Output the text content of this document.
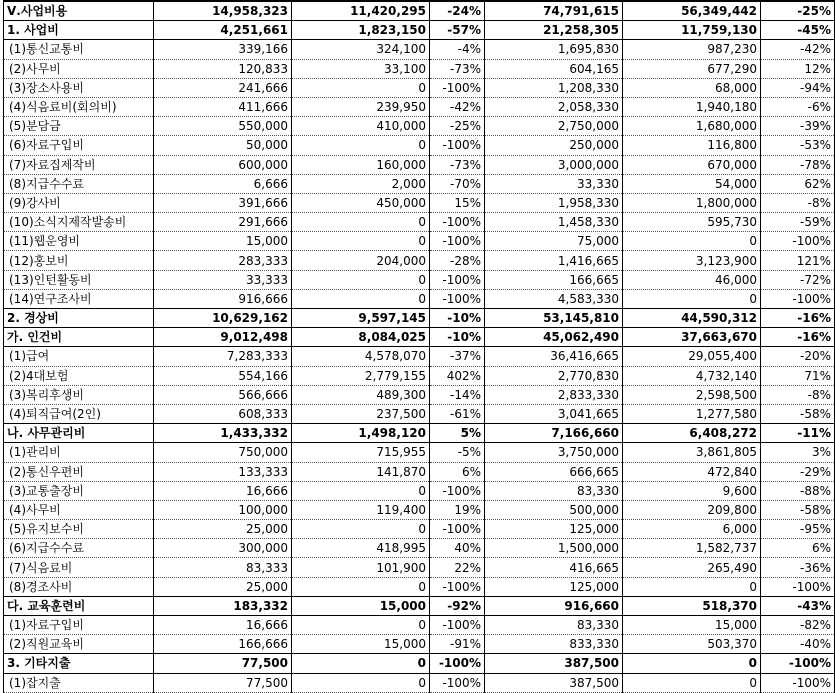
Ⅴ.사업비용	14,958,323	11,420,295	-24%	74,791,615	56,349,442	-25%
1. 사업비	4,251,661	1,823,150	-57%	21,258,305	11,759,130	-45%
(1)통신교통비	339,166	324,100	-4%	1,695,830	987,230	-42%
(2)사무비	120,833	33,100	-73%	604,165	677,290	12%
(3)장소사용비	241,666	0	-100%	1,208,330	68,000	-94%
(4)식음료비(회의비)	411,666	239,950	-42%	2,058,330	1,940,180	-6%
(5)분담금	550,000	410,000	-25%	2,750,000	1,680,000	-39%
(6)자료구입비	50,000	0	-100%	250,000	116,800	-53%
(7)자료집제작비	600,000	160,000	-73%	3,000,000	670,000	-78%
(8)지급수수료	6,666	2,000	-70%	33,330	54,000	62%
(9)강사비	391,666	450,000	15%	1,958,330	1,800,000	-8%
(10)소식지제작발송비	291,666	0	-100%	1,458,330	595,730	-59%
(11)웹운영비	15,000	0	-100%	75,000	0	-100%
(12)홍보비	283,333	204,000	-28%	1,416,665	3,123,900	121%
(13)인턴활동비	33,333	0	-100%	166,665	46,000	-72%
(14)연구조사비	916,666	0	-100%	4,583,330	0	-100%
2. 경상비	10,629,162	9,597,145	-10%	53,145,810	44,590,312	-16%
가. 인건비	9,012,498	8,084,025	-10%	45,062,490	37,663,670	-16%
(1)급여	7,283,333	4,578,070	-37%	36,416,665	29,055,400	-20%
(2)4대보험	554,166	2,779,155	402%	2,770,830	4,732,140	71%
(3)복리후생비	566,666	489,300	-14%	2,833,330	2,598,500	-8%
(4)퇴직급여(2인)	608,333	237,500	-61%	3,041,665	1,277,580	-58%
나. 사무관리비	1,433,332	1,498,120	5%	7,166,660	6,408,272	-11%
(1)관리비	750,000	715,955	-5%	3,750,000	3,861,805	3%
(2)통신우편비	133,333	141,870	6%	666,665	472,840	-29%
(3)교통출장비	16,666	0	-100%	83,330	9,600	-88%
(4)사무비	100,000	119,400	19%	500,000	209,800	-58%
(5)유지보수비	25,000	0	-100%	125,000	6,000	-95%
(6)지급수수료	300,000	418,995	40%	1,500,000	1,582,737	6%
(7)식음료비	83,333	101,900	22%	416,665	265,490	-36%
(8)경조사비	25,000	0	-100%	125,000	0	-100%
다. 교육훈련비	183,332	15,000	-92%	916,660	518,370	-43%
(1)자료구입비	16,666	0	-100%	83,330	15,000	-82%
(2)직원교육비	166,666	15,000	-91%	833,330	503,370	-40%
3. 기타지출	77,500	0	-100%	387,500	0	-100%
(1)잡지출	77,500	0	-100%	387,500	0	-100%
